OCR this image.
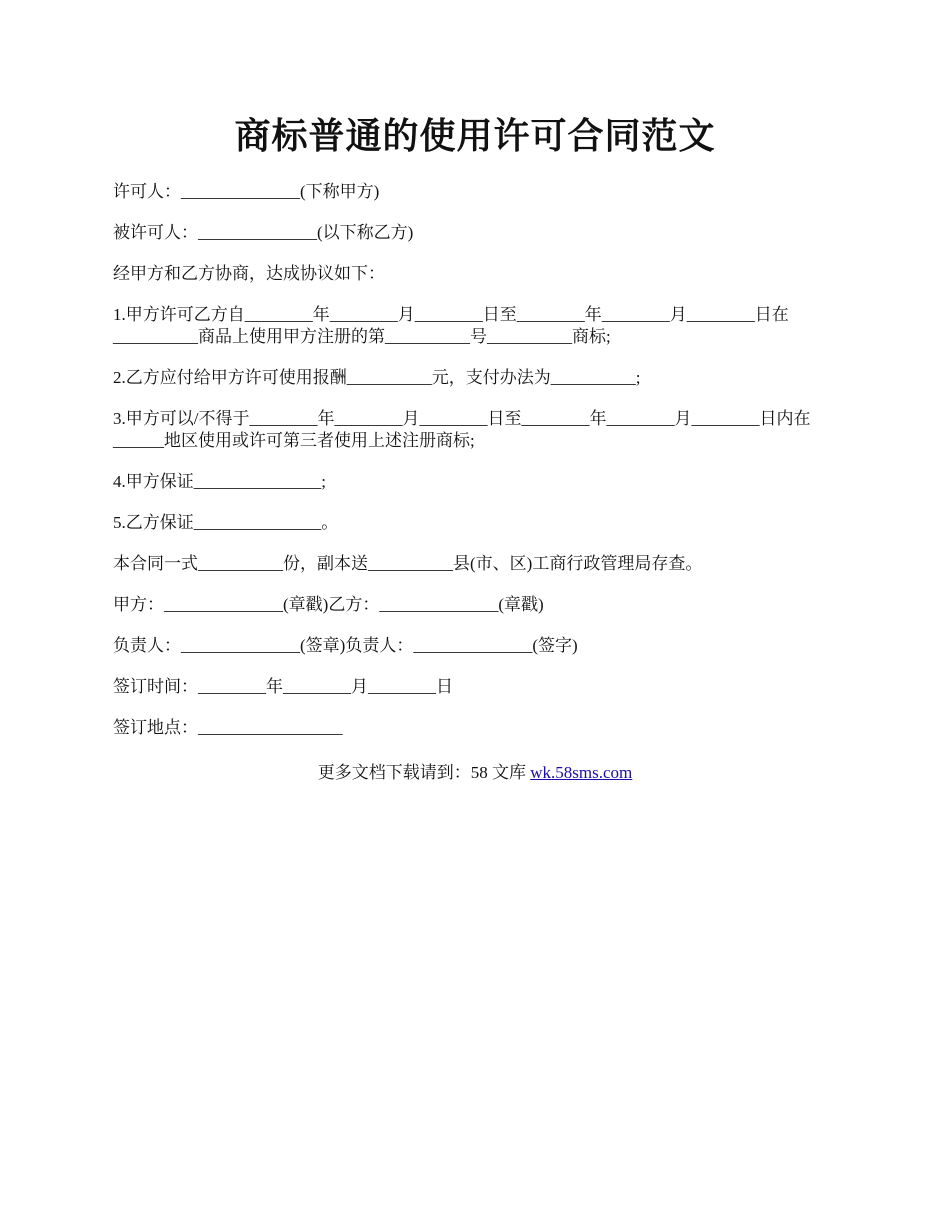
商标普通的使用许可合同范文

许可人：______________(下称甲方)

被许可人：______________(以下称乙方)

经甲方和乙方协商，达成协议如下：

1.甲方许可乙方自________年________月________日至________年________月________日在__________商品上使用甲方注册的第__________号__________商标;

2.乙方应付给甲方许可使用报酬__________元，支付办法为__________;

3.甲方可以/不得于________年________月________日至________年________月________日内在______地区使用或许可第三者使用上述注册商标;

4.甲方保证_______________;

5.乙方保证_______________。

本合同一式__________份，副本送__________县(市、区)工商行政管理局存查。

甲方：______________(章戳)乙方：______________(章戳)

负责人：______________(签章)负责人：______________(签字)

签订时间：________年________月________日

签订地点：_________________

更多文档下载请到：58 文库 wk.58sms.com
